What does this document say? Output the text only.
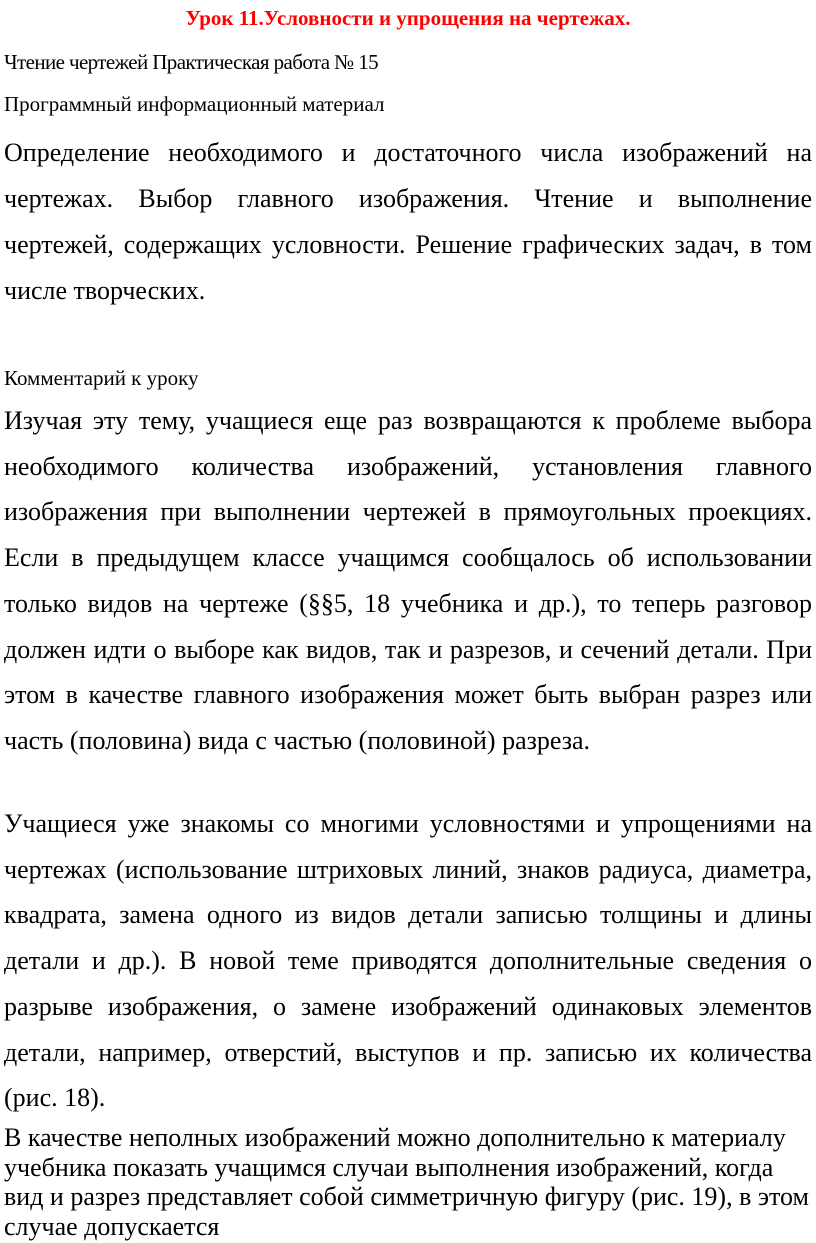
Урок 11.Условности и упрощения на чертежах.

Чтение чертежей Практическая работа № 15

Программный информационный материал

Определение необходимого и достаточного числа изображений на чертежах. Выбор главного изображения. Чтение и выполнение чертежей, содержащих условности. Решение графических задач, в том числе творческих.

Комментарий к уроку

Изучая эту тему, учащиеся еще раз возвращаются к проблеме выбора необходимого количества изображений, установления главного изображения при выполнении чертежей в прямоугольных проекциях. Если в предыдущем классе учащимся сообщалось об использовании только видов на чертеже (§§5, 18 учебника и др.), то теперь разговор должен идти о выборе как видов, так и разрезов, и сечений детали. При этом в качестве главного изображения может быть выбран разрез или часть (половина) вида с частью (половиной) разреза.

Учащиеся уже знакомы со многими условностями и упрощениями на чертежах (использование штриховых линий, знаков радиуса, диаметра, квадрата, замена одного из видов детали записью толщины и длины детали и др.). В новой теме приводятся дополнительные сведения о разрыве изображения, о замене изображений одинаковых элементов детали, например, отверстий, выступов и пр. записью их количества (рис. 18).

В качестве неполных изображений можно дополнительно к материалу учебника показать учащимся случаи выполнения изображений, когда вид и разрез представляет собой симметричную фигуру (рис. 19), в этом случае допускается
